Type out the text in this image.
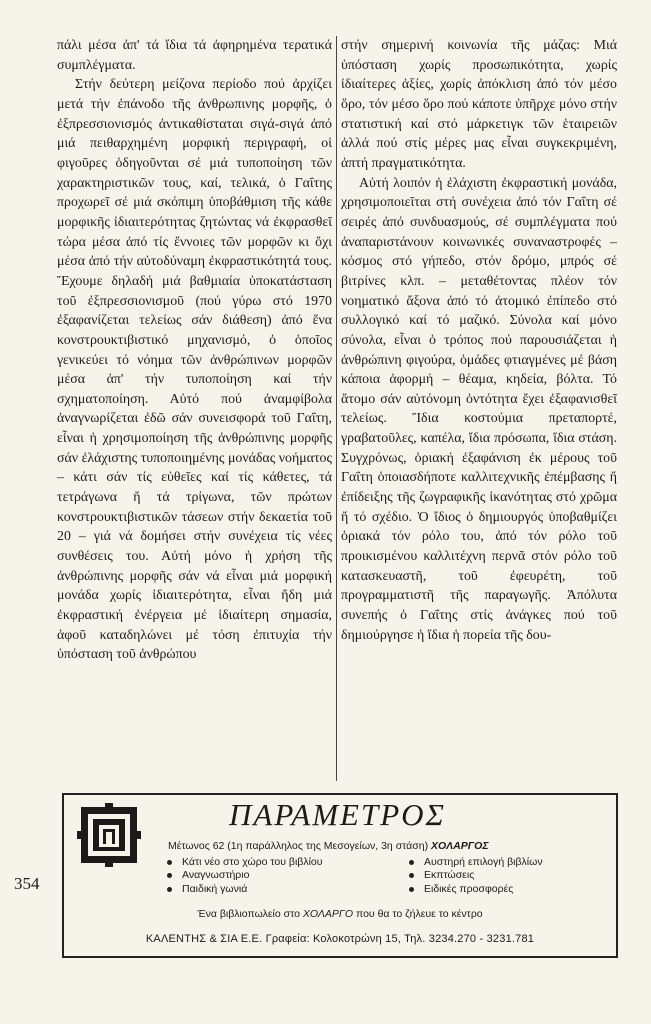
πάλι μέσα ἀπ' τά ἴδια τά ἀφηρημένα τερατικά συμπλέγματα.

Στήν δεύτερη μείζονα περίοδο πού ἀρχίζει μετά τήν ἐπάνοδο τῆς ἀνθρωπινης μορφῆς, ὁ ἐξπρεσσιονισμός ἀντικαθίσταται σιγά-σιγά ἀπό μιά πειθαρχημένη μορφική περιγραφή, οἱ φιγοῦρες ὁδηγοῦνται σέ μιά τυποποίηση τῶν χαρακτηριστικῶν τους, καί, τελικά, ὁ Γαΐτης προχωρεῖ σέ μιά σκόπιμη ὑποβάθμιση τῆς κάθε μορφικῆς ἰδιαιτερότητας ζητώντας νά ἐκφρασθεῖ τώρα μέσα ἀπό τίς ἔννοιες τῶν μορφῶν κι ὄχι μέσα ἀπό τήν αὐτοδύναμη ἐκφραστικότητά τους. Ἔχουμε δηλαδή μιά βαθμιαία ὑποκατάσταση τοῦ ἐξπρεσσιονισμοῦ (πού γύρω στό 1970 ἐξαφανίζεται τελείως σάν διάθεση) ἀπό ἕνα κονστρουκτιβιστικό μηχανισμό, ὁ ὁποῖος γενικεύει τό νόημα τῶν ἀνθρώπινων μορφῶν μέσα ἀπ' τήν τυποποίηση καί τήν σχηματοποίηση. Αὐτό πού ἀναμφίβολα ἀναγνωρίζεται ἐδῶ σάν συνεισφορά τοῦ Γαΐτη, εἶναι ἡ χρησιμοποίηση τῆς ἀνθρώπινης μορφῆς σάν ἐλάχιστης τυποποιημένης μονάδας νοήματος – κάτι σάν τίς εὐθεῖες καί τίς κάθετες, τά τετράγωνα ἤ τά τρίγωνα, τῶν πρώτων κονστρουκτιβιστικῶν τάσεων στήν δεκαετία τοῦ 20 – γιά νά δομήσει στήν συνέχεια τίς νέες συνθέσεις του. Αὐτή μόνο ἡ χρήση τῆς ἀνθρώπινης μορφῆς σάν νά εἶναι μιά μορφική μονάδα χωρίς ἰδιαιτερότητα, εἶναι ἤδη μιά ἐκφραστική ἐνέργεια μέ ἰδιαίτερη σημασία, ἀφοῦ καταδηλώνει μέ τόση ἐπιτυχία τήν ὑπόσταση τοῦ ἀνθρώπου

στήν σημερινή κοινωνία τῆς μάζας: Μιά ὑπόσταση χωρίς προσωπικότητα, χωρίς ἰδιαίτερες ἀξίες, χωρίς ἀπόκλιση ἀπό τόν μέσο ὅρο, τόν μέσο ὅρο πού κάποτε ὑπῆρχε μόνο στήν στατιστική καί στό μάρκετιγκ τῶν ἑταιρειῶν ἀλλά πού στίς μέρες μας εἶναι συγκεκριμένη, ἁπτή πραγματικότητα.

Αὐτή λοιπόν ἡ ἐλάχιστη ἐκφραστική μονάδα, χρησιμοποιεῖται στή συνέχεια ἀπό τόν Γαΐτη σέ σειρές ἀπό συνδυασμούς, σέ συμπλέγματα πού ἀναπαριστάνουν κοινωνικές συναναστροφές – κόσμος στό γήπεδο, στόν δρόμο, μπρός σέ βιτρίνες κλπ. – μεταθέτοντας πλέον τόν νοηματικό ἄξονα ἀπό τό ἀτομικό ἐπίπεδο στό συλλογικό καί τό μαζικό. Σύνολα καί μόνο σύνολα, εἶναι ὁ τρόπος πού παρουσιάζεται ἡ ἀνθρώπινη φιγούρα, ὁμάδες φτιαγμένες μέ βάση κάποια ἀφορμή – θέαμα, κηδεία, βόλτα. Τό ἄτομο σάν αὐτόνομη ὀντότητα ἔχει ἐξαφανισθεῖ τελείως. Ἴδια κοστούμια πρεταπορτέ, γραβατοῦλες, καπέλα, ἴδια πρόσωπα, ἴδια στάση. Συγχρόνως, ὁριακή ἐξαφάνιση ἐκ μέρους τοῦ Γαΐτη ὁποιασδήποτε καλλιτεχνικῆς ἐπέμβασης ἤ ἐπίδειξης τῆς ζωγραφικῆς ἱκανότητας στό χρῶμα ἤ τό σχέδιο. Ὁ ἴδιος ὁ δημιουργός ὑποβαθμίζει ὁριακά τόν ρόλο του, ἀπό τόν ρόλο τοῦ προικισμένου καλλιτέχνη περνᾶ στόν ρόλο τοῦ κατασκευαστῆ, τοῦ ἐφευρέτη, τοῦ προγραμματιστῆ τῆς παραγωγῆς. Ἀπόλυτα συνεπής ὁ Γαΐτης στίς ἀνάγκες πού τοῦ δημιούργησε ἡ ἴδια ἡ πορεία τῆς δου-

354
ΠΑΡΑΜΕΤΡΟΣ
Μέτωνος 62 (1η παράλληλος της Μεσογείων, 3η στάση) ΧΟΛΑΡΓΟΣ
Κάτι νέο στο χώρο του βιβλίου
Αναγνωστήριο
Παιδική γωνιά
Αυστηρή επιλογή βιβλίων
Εκπτώσεις
Ειδικές προσφορές
Ένα βιβλιοπωλείο στο ΧΟΛΑΡΓΟ που θα το ζήλευε το κέντρο
ΚΑΛΕΝΤΗΣ & ΣΙΑ Ε.Ε. Γραφεία: Κολοκοτρώνη 15, Τηλ. 3234.270 - 3231.781
